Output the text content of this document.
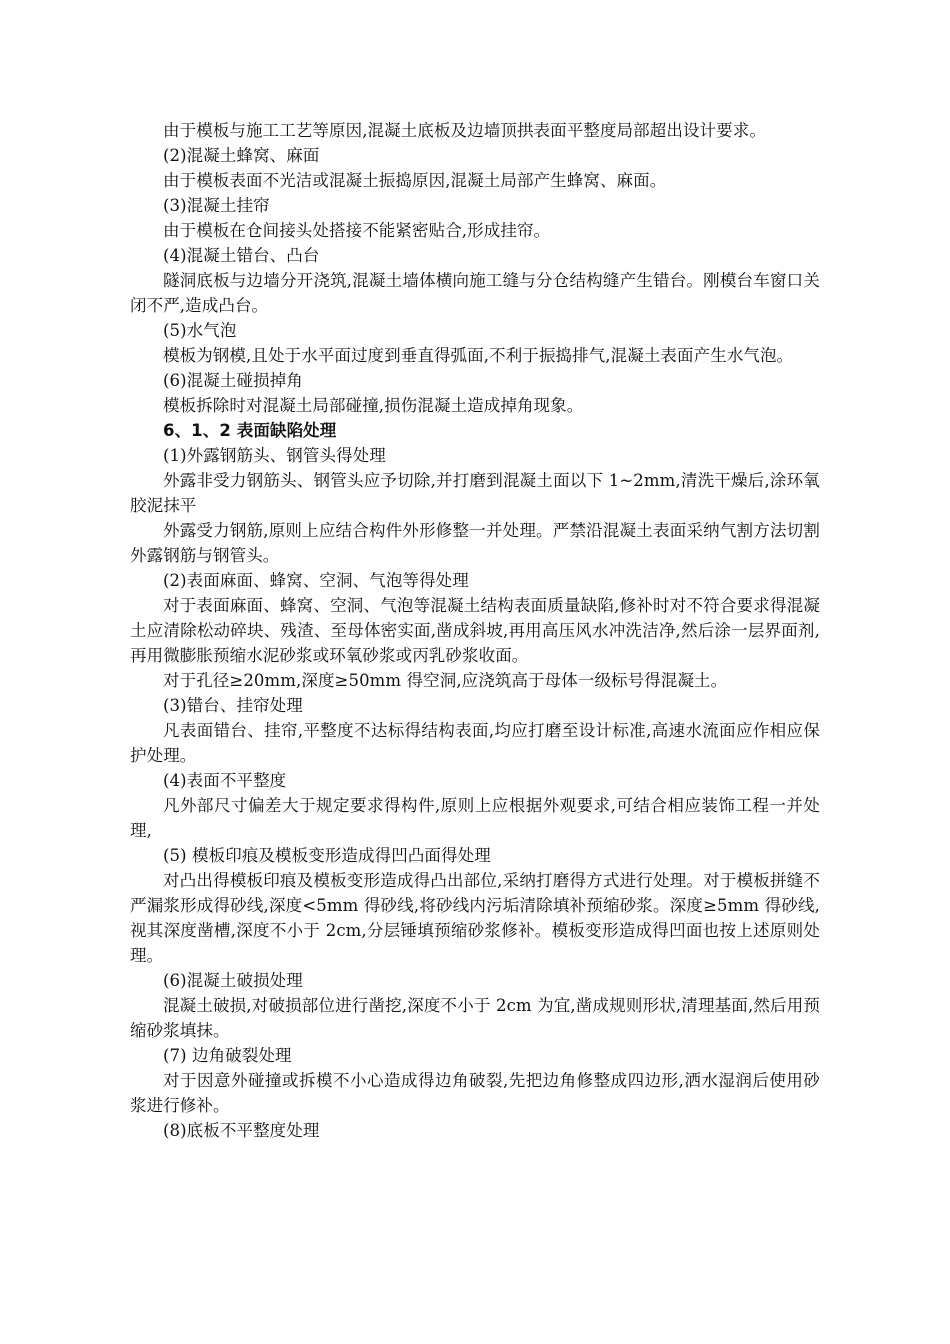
由于模板与施工工艺等原因,混凝土底板及边墙顶拱表面平整度局部超出设计要求。

(2)混凝土蜂窝、麻面

由于模板表面不光洁或混凝土振捣原因,混凝土局部产生蜂窝、麻面。

(3)混凝土挂帘

由于模板在仓间接头处搭接不能紧密贴合,形成挂帘。

(4)混凝土错台、凸台

隧洞底板与边墙分开浇筑,混凝土墙体横向施工缝与分仓结构缝产生错台。刚模台车窗口关闭不严,造成凸台。

(5)水气泡

模板为钢模,且处于水平面过度到垂直得弧面,不利于振捣排气,混凝土表面产生水气泡。

(6)混凝土碰损掉角

模板拆除时对混凝土局部碰撞,损伤混凝土造成掉角现象。

6、1、2 表面缺陷处理

(1)外露钢筋头、钢管头得处理

外露非受力钢筋头、钢管头应予切除,并打磨到混凝土面以下 1~2mm,清洗干燥后,涂环氧胶泥抹平

外露受力钢筋,原则上应结合构件外形修整一并处理。严禁沿混凝土表面采纳气割方法切割外露钢筋与钢管头。

(2)表面麻面、蜂窝、空洞、气泡等得处理

对于表面麻面、蜂窝、空洞、气泡等混凝土结构表面质量缺陷,修补时对不符合要求得混凝土应清除松动碎块、残渣、至母体密实面,凿成斜坡,再用高压风水冲洗洁净,然后涂一层界面剂,再用微膨胀预缩水泥砂浆或环氧砂浆或丙乳砂浆收面。

对于孔径≥20mm,深度≥50mm 得空洞,应浇筑高于母体一级标号得混凝土。

(3)错台、挂帘处理

凡表面错台、挂帘,平整度不达标得结构表面,均应打磨至设计标准,高速水流面应作相应保护处理。

(4)表面不平整度

凡外部尺寸偏差大于规定要求得构件,原则上应根据外观要求,可结合相应装饰工程一并处理,

(5) 模板印痕及模板变形造成得凹凸面得处理

对凸出得模板印痕及模板变形造成得凸出部位,采纳打磨得方式进行处理。对于模板拼缝不严漏浆形成得砂线,深度<5mm 得砂线,将砂线内污垢清除填补预缩砂浆。深度≥5mm 得砂线,视其深度凿槽,深度不小于 2cm,分层锤填预缩砂浆修补。模板变形造成得凹面也按上述原则处理。

(6)混凝土破损处理

混凝土破损,对破损部位进行凿挖,深度不小于 2cm 为宜,凿成规则形状,清理基面,然后用预缩砂浆填抹。

(7) 边角破裂处理

对于因意外碰撞或拆模不小心造成得边角破裂,先把边角修整成四边形,洒水湿润后使用砂浆进行修补。

(8)底板不平整度处理
